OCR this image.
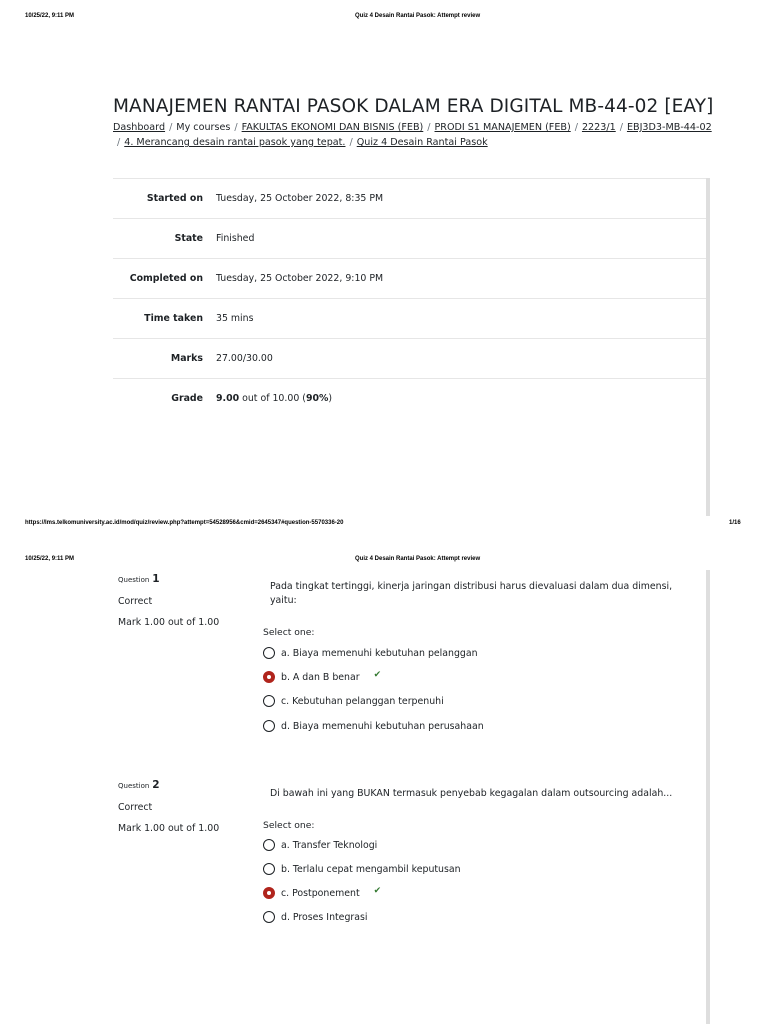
10/25/22, 9:11 PM	Quiz 4 Desain Rantai Pasok: Attempt review
MANAJEMEN RANTAI PASOK DALAM ERA DIGITAL MB-44-02 [EAY]
Dashboard / My courses / FAKULTAS EKONOMI DAN BISNIS (FEB) / PRODI S1 MANAJEMEN (FEB) / 2223/1 / EBJ3D3-MB-44-02
/ 4. Merancang desain rantai pasok yang tepat. / Quiz 4 Desain Rantai Pasok
Started on	Tuesday, 25 October 2022, 8:35 PM
State	Finished
Completed on	Tuesday, 25 October 2022, 9:10 PM
Time taken	35 mins
Marks	27.00/30.00
Grade	9.00 out of 10.00 (90%)
https://lms.telkomuniversity.ac.id/mod/quiz/review.php?attempt=54528956&cmid=2645347#question-5570336-20	1/16
10/25/22, 9:11 PM	Quiz 4 Desain Rantai Pasok: Attempt review
Question 1
Correct
Mark 1.00 out of 1.00
Pada tingkat tertinggi, kinerja jaringan distribusi harus dievaluasi dalam dua dimensi, yaitu:
Select one:
a. Biaya memenuhi kebutuhan pelanggan
b. A dan B benar ✔
c. Kebutuhan pelanggan terpenuhi
d. Biaya memenuhi kebutuhan perusahaan
Question 2
Correct
Mark 1.00 out of 1.00
Di bawah ini yang BUKAN termasuk penyebab kegagalan dalam outsourcing adalah...
Select one:
a. Transfer Teknologi
b. Terlalu cepat mengambil keputusan
c. Postponement ✔
d. Proses Integrasi
